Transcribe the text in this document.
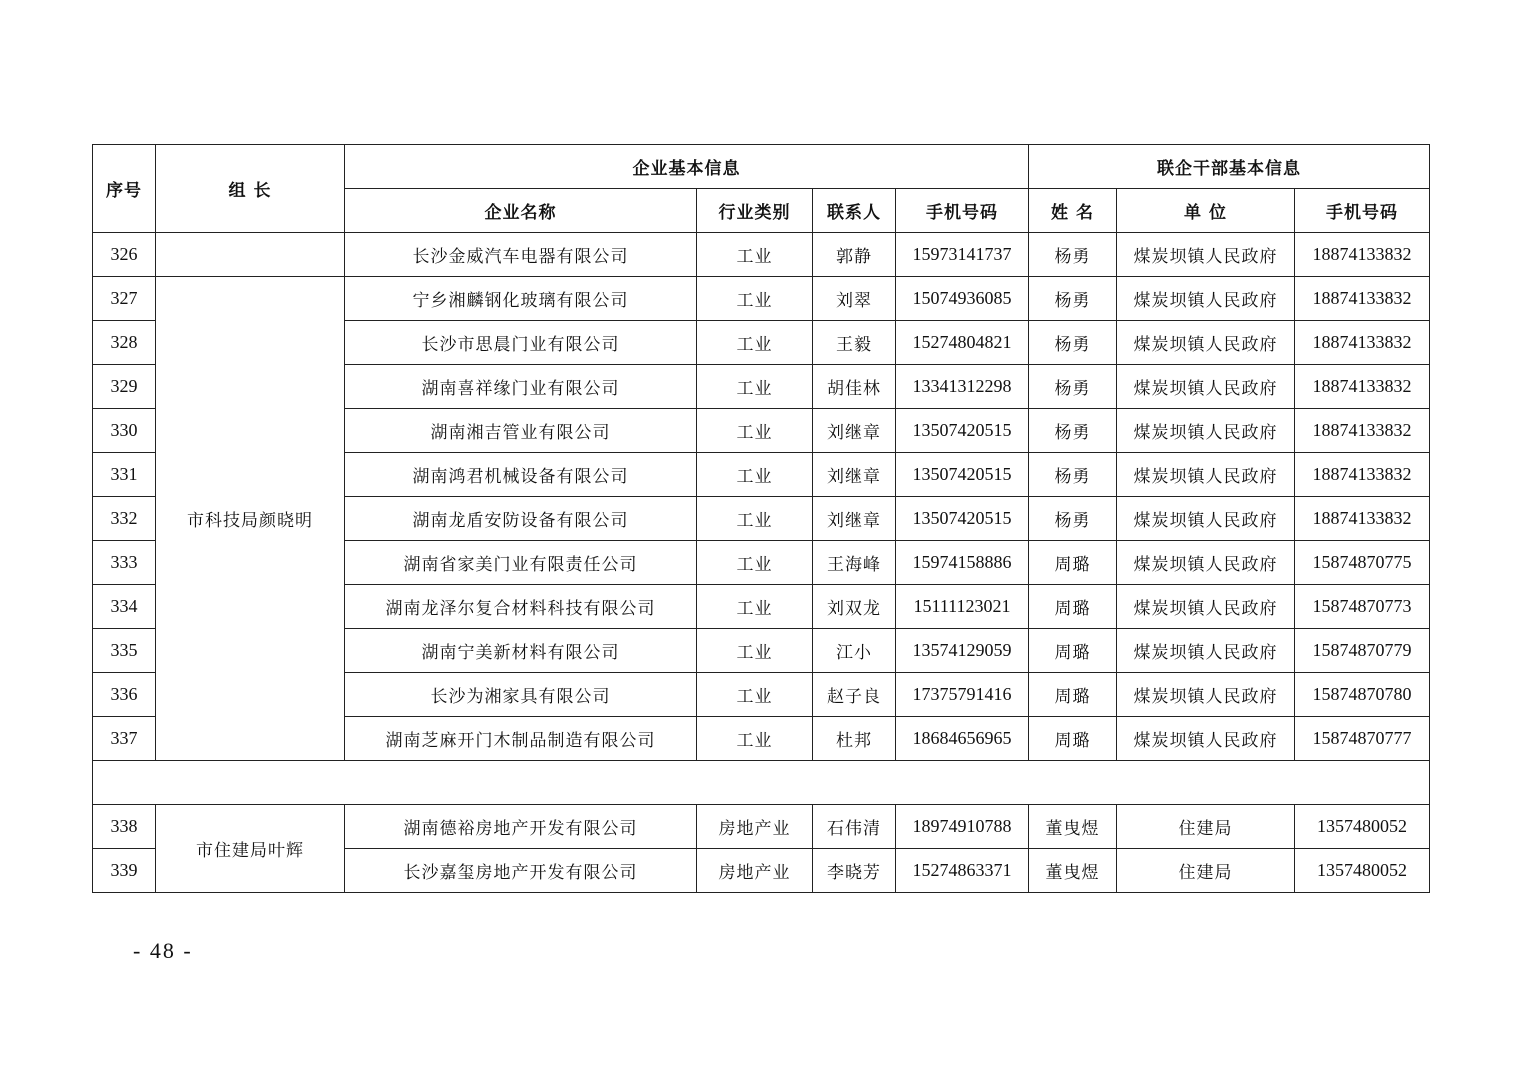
序号	组 长	企业基本信息				联企干部基本信息		
		企业名称	行业类别	联系人	手机号码	姓 名	单 位	手机号码
326		长沙金威汽车电器有限公司	工业	郭静	15973141737	杨勇	煤炭坝镇人民政府	18874133832
327	市科技局颜晓明	宁乡湘麟钢化玻璃有限公司	工业	刘翠	15074936085	杨勇	煤炭坝镇人民政府	18874133832
328		长沙市思晨门业有限公司	工业	王毅	15274804821	杨勇	煤炭坝镇人民政府	18874133832
329		湖南喜祥缘门业有限公司	工业	胡佳林	13341312298	杨勇	煤炭坝镇人民政府	18874133832
330		湖南湘吉管业有限公司	工业	刘继章	13507420515	杨勇	煤炭坝镇人民政府	18874133832
331		湖南鸿君机械设备有限公司	工业	刘继章	13507420515	杨勇	煤炭坝镇人民政府	18874133832
332		湖南龙盾安防设备有限公司	工业	刘继章	13507420515	杨勇	煤炭坝镇人民政府	18874133832
333		湖南省家美门业有限责任公司	工业	王海峰	15974158886	周璐	煤炭坝镇人民政府	15874870775
334		湖南龙泽尔复合材料科技有限公司	工业	刘双龙	15111123021	周璐	煤炭坝镇人民政府	15874870773
335		湖南宁美新材料有限公司	工业	江小	13574129059	周璐	煤炭坝镇人民政府	15874870779
336		长沙为湘家具有限公司	工业	赵子良	17375791416	周璐	煤炭坝镇人民政府	15874870780
337		湖南芝麻开门木制品制造有限公司	工业	杜邦	18684656965	周璐	煤炭坝镇人民政府	15874870777

338	市住建局叶辉	湖南德裕房地产开发有限公司	房地产业	石伟清	18974910788	董曳煜	住建局	1357480052
339		长沙嘉玺房地产开发有限公司	房地产业	李晓芳	15274863371	董曳煜	住建局	1357480052
- 48 -
